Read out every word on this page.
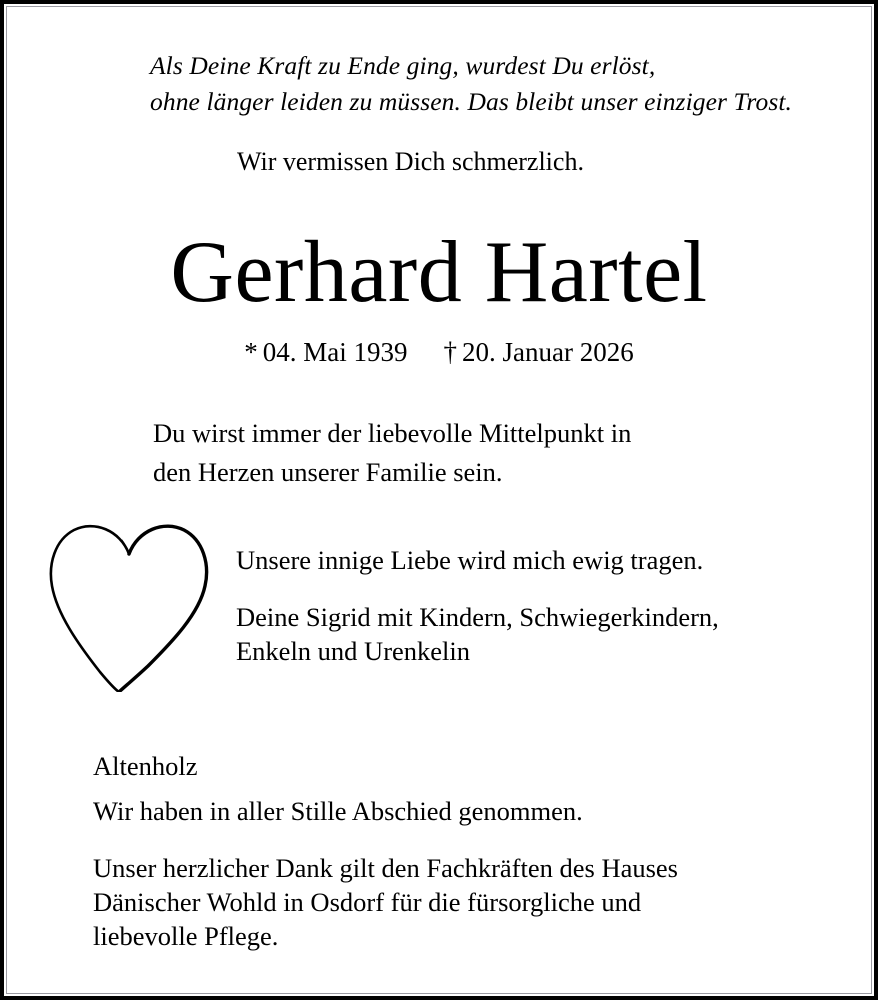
Als Deine Kraft zu Ende ging, wurdest Du erlöst,
ohne länger leiden zu müssen. Das bleibt unser einziger Trost.
Wir vermissen Dich schmerzlich.
Gerhard Hartel
* 04. Mai 1939 † 20. Januar 2026
Du wirst immer der liebevolle Mittelpunkt in
den Herzen unserer Familie sein.
Unsere innige Liebe wird mich ewig tragen.
Deine Sigrid mit Kindern, Schwiegerkindern,
Enkeln und Urenkelin
Altenholz
Wir haben in aller Stille Abschied genommen.
Unser herzlicher Dank gilt den Fachkräften des Hauses
Dänischer Wohld in Osdorf für die fürsorgliche und
liebevolle Pflege.
